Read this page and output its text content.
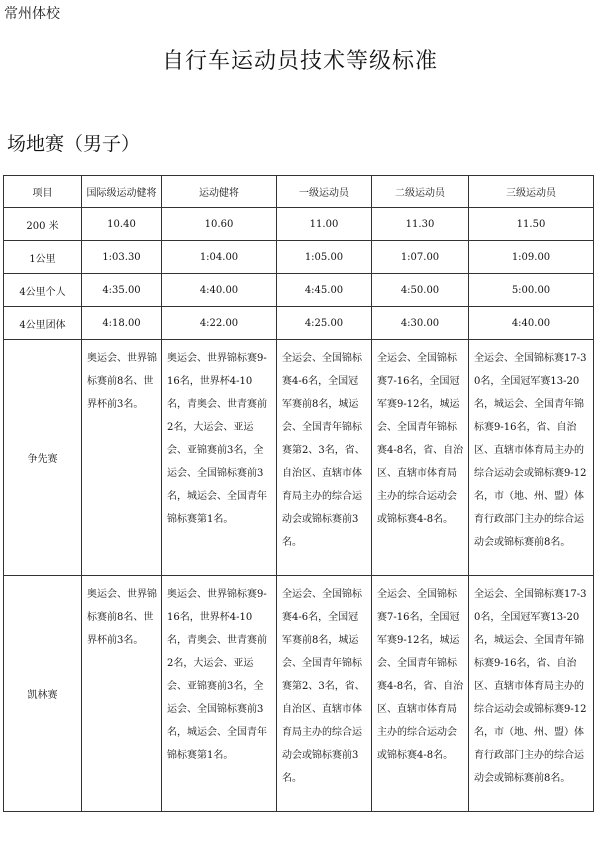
常州体校
自行车运动员技术等级标准
场地赛（男子）
项目	国际级运动健将	运动健将	一级运动员	二级运动员	三级运动员
200 米	10.40	10.60	11.00	11.30	11.50
1公里	1:03.30	1:04.00	1:05.00	1:07.00	1:09.00
4公里个人	4:35.00	4:40.00	4:45.00	4:50.00	5:00.00
4公里团体	4:18.00	4:22.00	4:25.00	4:30.00	4:40.00
争先赛	奥运会、世界锦标赛前8名、世界杯前3名。	奥运会、世界锦标赛9-16名，世界杯4-10名，青奥会、世青赛前2名，大运会、亚运会、亚锦赛前3名，全运会、全国锦标赛前3名，城运会、全国青年锦标赛第1名。	全运会、全国锦标赛4-6名，全国冠军赛前8名，城运会、全国青年锦标赛第2、3名，省、自治区、直辖市体育局主办的综合运动会或锦标赛前3名。	全运会、全国锦标赛7-16名，全国冠军赛9-12名，城运会、全国青年锦标赛4-8名，省、自治区、直辖市体育局主办的综合运动会或锦标赛4-8名。	全运会、全国锦标赛17-30名，全国冠军赛13-20名，城运会、全国青年锦标赛9-16名，省、自治区、直辖市体育局主办的综合运动会或锦标赛9-12名，市（地、州、盟）体育行政部门主办的综合运动会或锦标赛前8名。
凯林赛	奥运会、世界锦标赛前8名、世界杯前3名。	奥运会、世界锦标赛9-16名，世界杯4-10名，青奥会、世青赛前2名，大运会、亚运会、亚锦赛前3名，全运会、全国锦标赛前3名，城运会、全国青年锦标赛第1名。	全运会、全国锦标赛4-6名，全国冠军赛前8名，城运会、全国青年锦标赛第2、3名，省、自治区、直辖市体育局主办的综合运动会或锦标赛前3名。	全运会、全国锦标赛7-16名，全国冠军赛9-12名，城运会、全国青年锦标赛4-8名，省、自治区、直辖市体育局主办的综合运动会或锦标赛4-8名。	全运会、全国锦标赛17-30名，全国冠军赛13-20名，城运会、全国青年锦标赛9-16名，省、自治区、直辖市体育局主办的综合运动会或锦标赛9-12名，市（地、州、盟）体育行政部门主办的综合运动会或锦标赛前8名。
